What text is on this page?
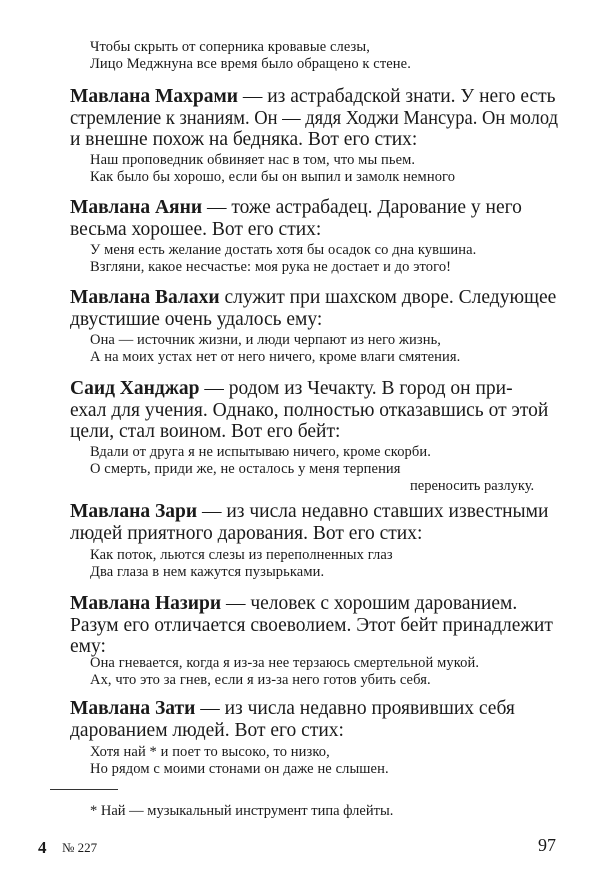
Чтобы скрыть от соперника кровавые слезы,
Лицо Меджнуна все время было обращено к стене.
Мавлана Махрами — из астрабадской знати. У него есть
стремление к знаниям. Он — дядя Ходжи Мансура. Он молод
и внешне похож на бедняка. Вот его стих:
Наш проповедник обвиняет нас в том, что мы пьем.
Как было бы хорошо, если бы он выпил и замолк немного
Мавлана Аяни — тоже астрабадец. Дарование у него
весьма хорошее. Вот его стих:
У меня есть желание достать хотя бы осадок со дна кувшина.
Взгляни, какое несчастье: моя рука не достает и до этого!
Мавлана Валахи служит при шахском дворе. Следующее
двустишие очень удалось ему:
Она — источник жизни, и люди черпают из него жизнь,
А на моих устах нет от него ничего, кроме влаги смятения.
Саид Ханджар — родом из Чечакту. В город он при-
ехал для учения. Однако, полностью отказавшись от этой
цели, стал воином. Вот его бейт:
Вдали от друга я не испытываю ничего, кроме скорби.
О смерть, приди же, не осталось у меня терпения
переносить разлуку.
Мавлана Зари — из числа недавно ставших известными
людей приятного дарования. Вот его стих:
Как поток, льются слезы из переполненных глаз
Два глаза в нем кажутся пузырьками.
Мавлана Назири — человек с хорошим дарованием.
Разум его отличается своеволием. Этот бейт принадлежит
ему:
Она гневается, когда я из-за нее терзаюсь смертельной мукой.
Ах, что это за гнев, если я из-за него готов убить себя.
Мавлана Зати — из числа недавно проявивших себя
дарованием людей. Вот его стих:
Хотя най * и поет то высоко, то низко,
Но рядом с моими стонами он даже не слышен.
* Най — музыкальный инструмент типа флейты.
4 № 227	97
